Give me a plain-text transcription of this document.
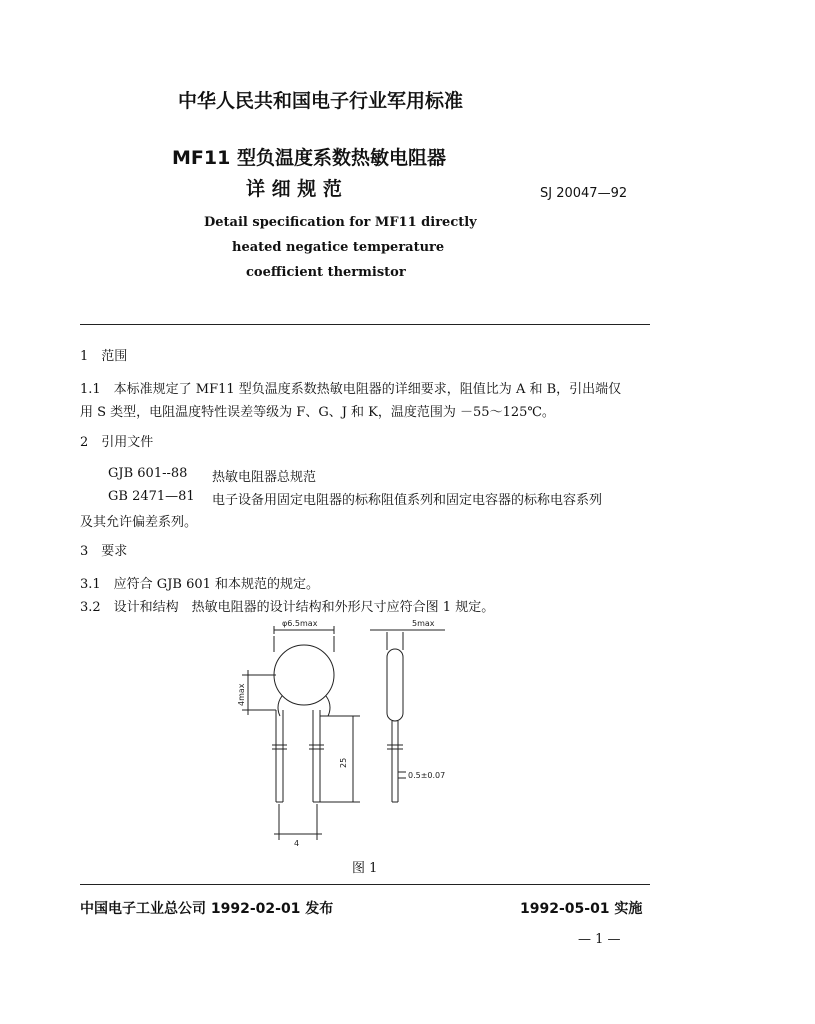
中华人民共和国电子行业军用标准
MF11 型负温度系数热敏电阻器
详 细 规 范	SJ 20047—92
Detail specification for MF11 directly
heated negatice temperature
coefficient thermistor
1　范围
1.1　本标准规定了 MF11 型负温度系数热敏电阻器的详细要求，阻值比为 A 和 B，引出端仅
用 S 类型，电阻温度特性误差等级为 F、G、J 和 K，温度范围为 －55～125℃。
2　引用文件
GJB 601--88 热敏电阻器总规范
GB 2471—81 电子设备用固定电阻器的标称阻值系列和固定电容器的标称电容系列
及其允许偏差系列。
3　要求
3.1　应符合 GJB 601 和本规范的规定。
3.2　设计和结构　热敏电阻器的设计结构和外形尺寸应符合图 1 规定。
φ6.5max	5max
4max
25
0.5±0.07
4
图 1
中国电子工业总公司 1992-02-01 发布	1992-05-01 实施
— 1 —
